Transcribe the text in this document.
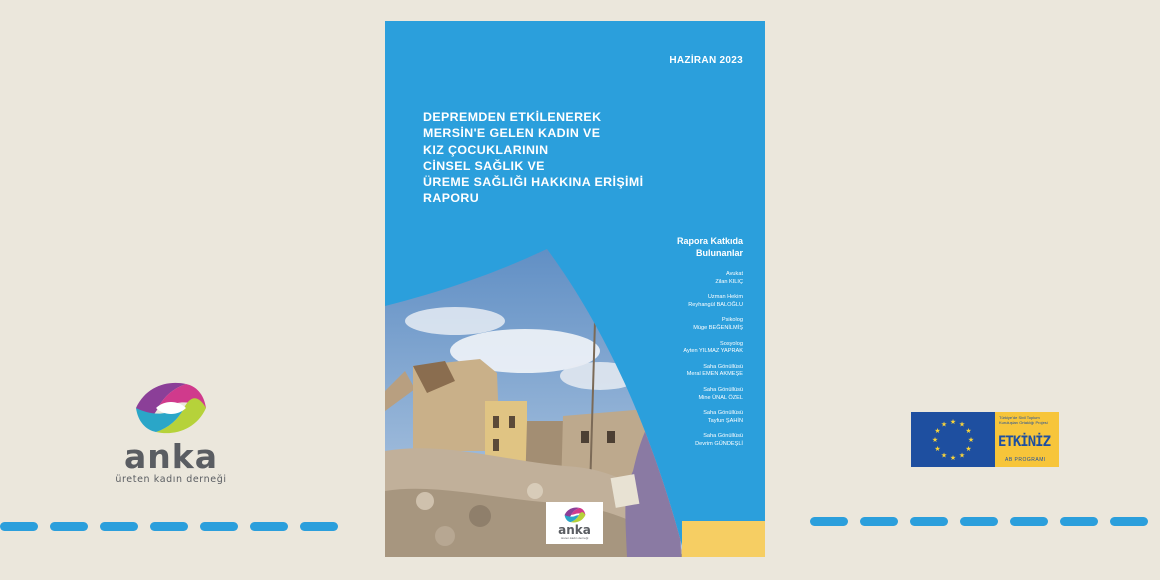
anka
üreten kadın derneği
HAZİRAN 2023
DEPREMDEN ETKİLENEREK
MERSİN'E GELEN KADIN VE
KIZ ÇOCUKLARININ
CİNSEL SAĞLIK VE
ÜREME SAĞLIĞI HAKKINA ERİŞİMİ
RAPORU
Rapora Katkıda
Bulunanlar
Avukat
Zilan KILIÇ
Uzman Hekim
Reyhangül BALOĞLU
Psikolog
Müge BEĞENİLMİŞ
Sosyolog
Ayten YILMAZ YAPRAK
Saha Gönüllüsü
Meral EMEN AKMEŞE
Saha Gönüllüsü
Mine ÜNAL ÖZEL
Saha Gönüllüsü
Tayfun ŞAHİN
Saha Gönüllüsü
Devrim GÜNDEŞLİ
anka
üreten kadın derneği
★ ★
★
★
★
★
★
★
★
★
★
★
Türkiye'de Sivil Toplum Kuruluşları Ortaklığı Projesi
ETKİNİZ
AB PROGRAMI
